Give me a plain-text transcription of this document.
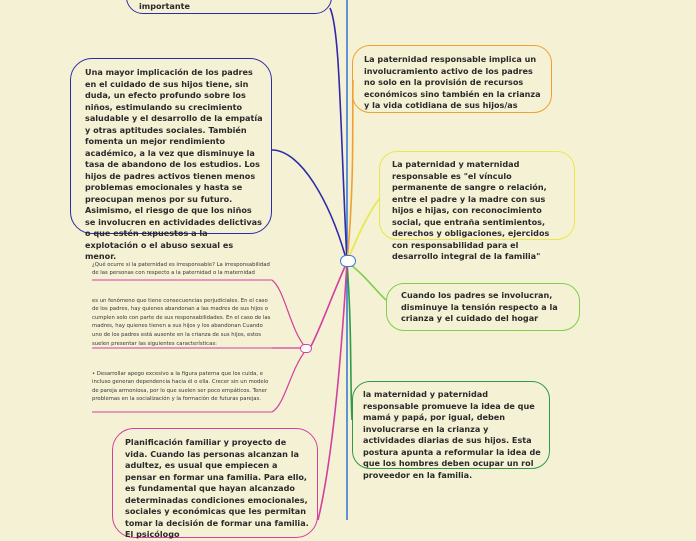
importante
Una mayor implicación de los padres en el cuidado de sus hijos tiene, sin duda, un efecto profundo sobre los niños, estimulando su crecimiento saludable y el desarrollo de la empatía y otras aptitudes sociales. También fomenta un mejor rendimiento académico, a la vez que disminuye la tasa de abandono de los estudios. Los hijos de padres activos tienen menos problemas emocionales y hasta se preocupan menos por su futuro. Asimismo, el riesgo de que los niños se involucren en actividades delictivas o que estén expuestos a la explotación o el abuso sexual es menor.
La paternidad responsable implica un involucramiento activo de los padres no solo en la provisión de recursos económicos sino también en la crianza y la vida cotidiana de sus hijos/as
La paternidad y maternidad responsable es "el vínculo permanente de sangre o relación, entre el padre y la madre con sus hijos e hijas, con reconocimiento social, que entraña sentimientos, derechos y obligaciones, ejercidos con responsabilidad para el desarrollo integral de la familia"
Cuando los padres se involucran, disminuye la tensión respecto a la crianza y el cuidado del hogar
la maternidad y paternidad responsable promueve la idea de que mamá y papá, por igual, deben involucrarse en la crianza y actividades diarias de sus hijos. Esta postura apunta a reformular la idea de que los hombres deben ocupar un rol proveedor en la familia.
Planificación familiar y proyecto de vida. Cuando las personas alcanzan la adultez, es usual que empiecen a pensar en formar una familia. Para ello, es fundamental que hayan alcanzado determinadas condiciones emocionales, sociales y económicas que les permitan tomar la decisión de formar una familia. El psicólogo

¿Qué ocurre si la paternidad es irresponsable? La irresponsabilidad de las personas con respecto a la paternidad o la maternidad

es un fenómeno que tiene consecuencias perjudiciales. En el caso de los padres, hay quienes abandonan a las madres de sus hijos o cumplen solo con parte de sus responsabilidades. En el caso de las madres, hay quienes tienen a sus hijos y los abandonan Cuando uno de los padres está ausente en la crianza de sus hijos, estos suelen presentar las siguientes características:

• Desarrollar apego excesivo a la figura paterna que los cuida, e incluso generan dependencia hacia él o ella. Crecer sin un modelo de pareja armoniosa, por lo que suelen ser poco empáticos. Tener problemas en la socialización y la formación de futuras parejas.
